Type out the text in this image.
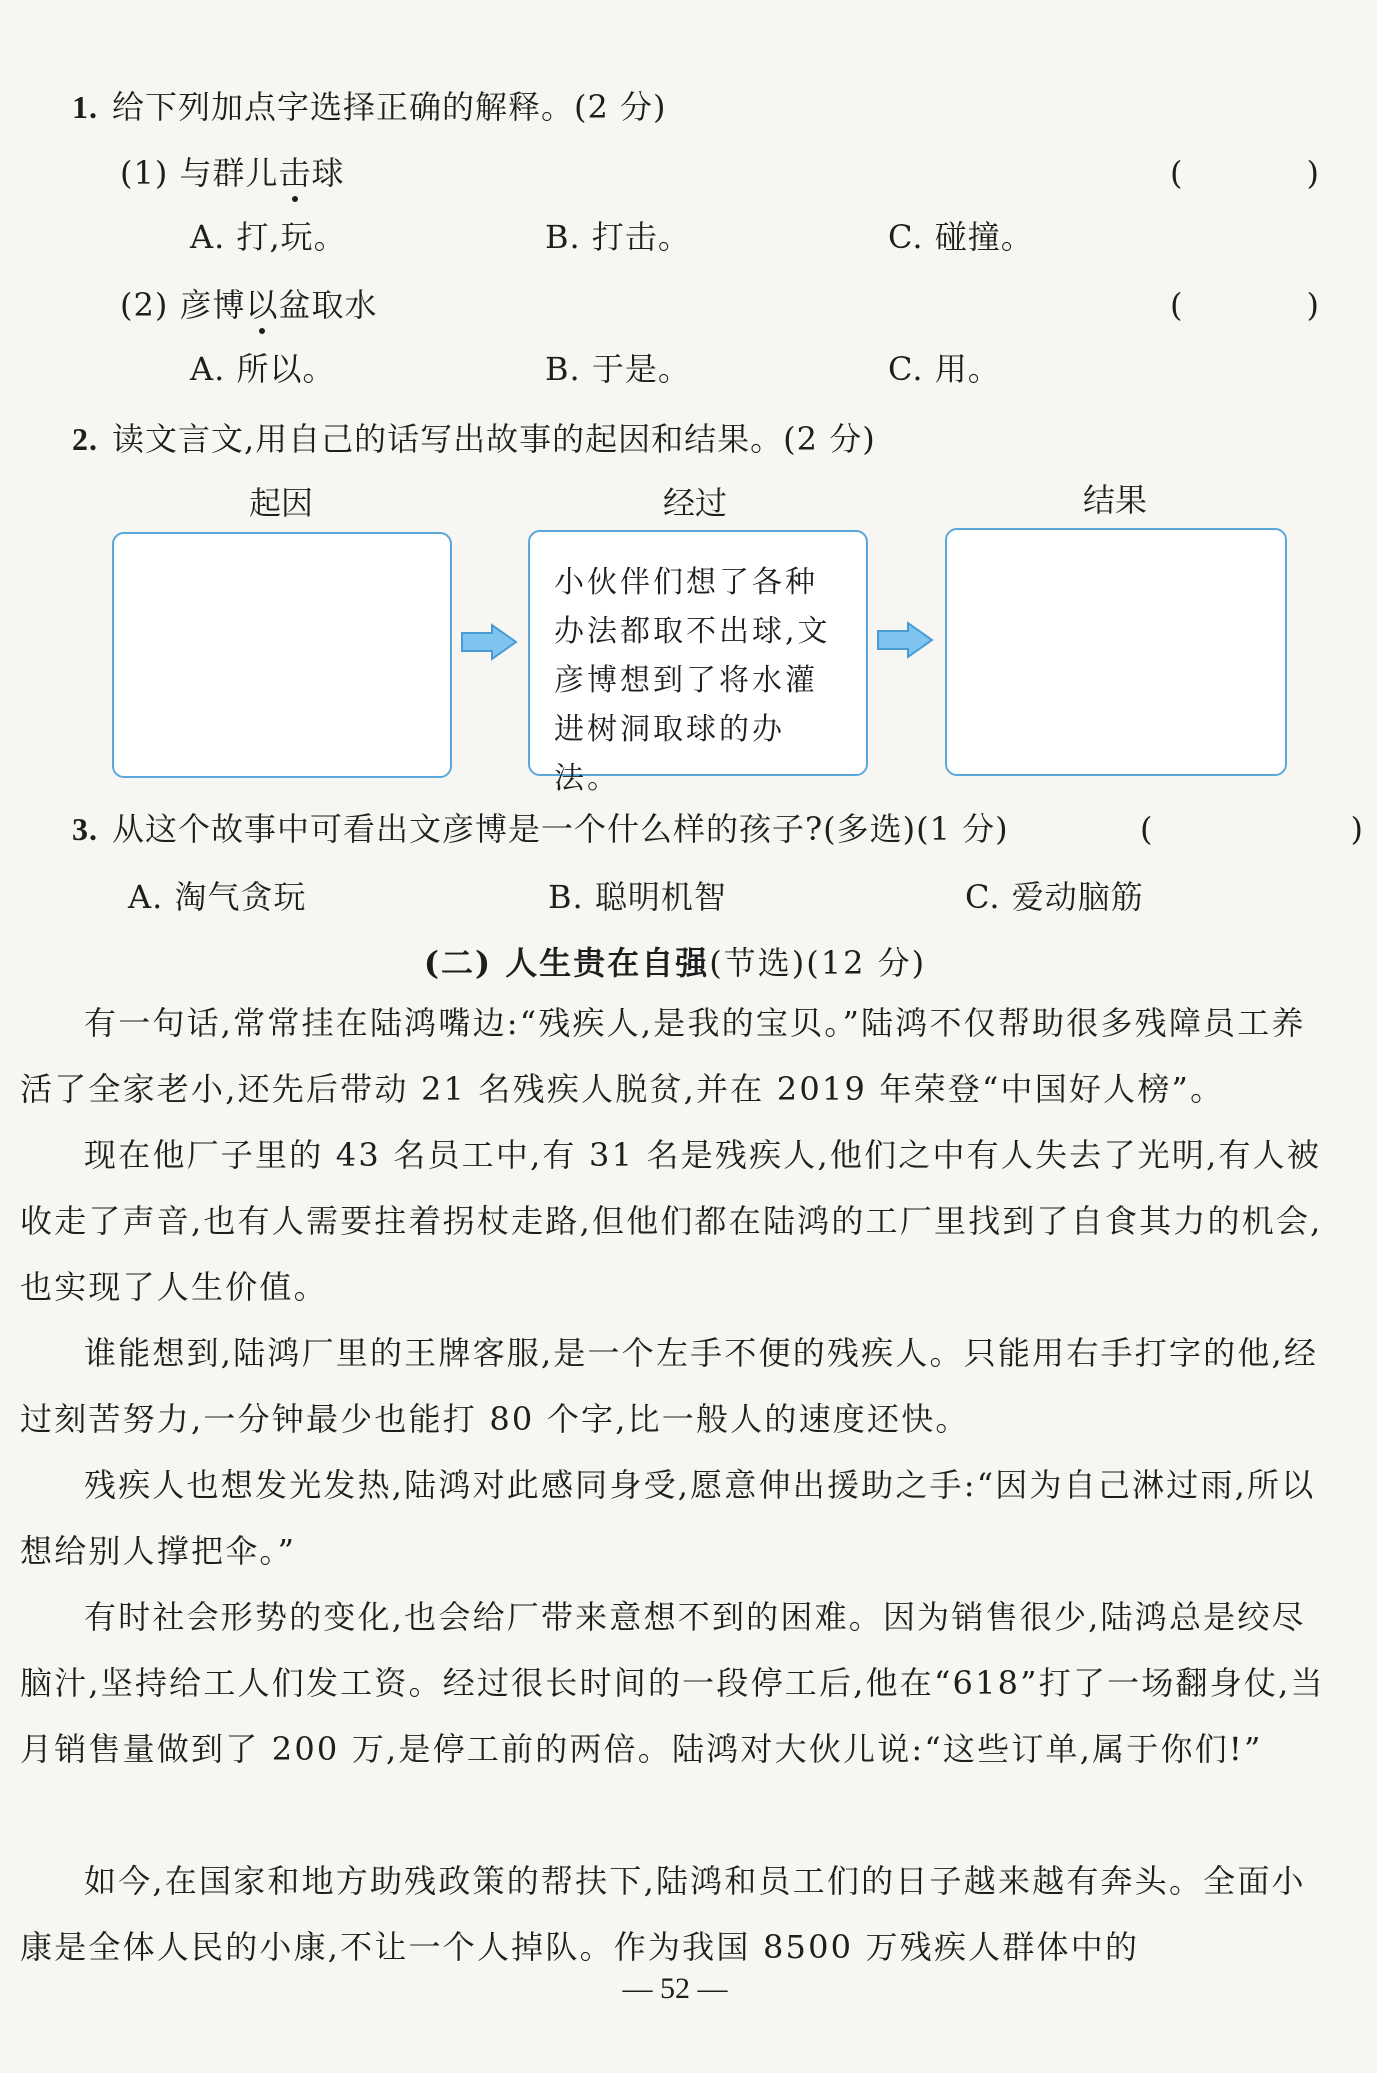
1. 给下列加点字选择正确的解释。(2 分)
(1) 与群儿击球	(　　)
A. 打,玩。	B. 打击。	C. 碰撞。
(2) 彦博以盆取水	(　　)
A. 所以。	B. 于是。	C. 用。
2. 读文言文,用自己的话写出故事的起因和结果。(2 分)
起因	经过	结果
小伙伴们想了各种办法都取不出球,文彦博想到了将水灌进树洞取球的办法。
3. 从这个故事中可看出文彦博是一个什么样的孩子?(多选)(1 分)	(　　　　)
A. 淘气贪玩	B. 聪明机智	C. 爱动脑筋
(二) 人生贵在自强(节选)(12 分)

有一句话,常常挂在陆鸿嘴边:“残疾人,是我的宝贝。”陆鸿不仅帮助很多残障员工养活了全家老小,还先后带动 21 名残疾人脱贫,并在 2019 年荣登“中国好人榜”。

现在他厂子里的 43 名员工中,有 31 名是残疾人,他们之中有人失去了光明,有人被收走了声音,也有人需要拄着拐杖走路,但他们都在陆鸿的工厂里找到了自食其力的机会,也实现了人生价值。

谁能想到,陆鸿厂里的王牌客服,是一个左手不便的残疾人。只能用右手打字的他,经过刻苦努力,一分钟最少也能打 80 个字,比一般人的速度还快。

残疾人也想发光发热,陆鸿对此感同身受,愿意伸出援助之手:“因为自己淋过雨,所以想给别人撑把伞。”

有时社会形势的变化,也会给厂带来意想不到的困难。因为销售很少,陆鸿总是绞尽脑汁,坚持给工人们发工资。经过很长时间的一段停工后,他在“618”打了一场翻身仗,当月销售量做到了 200 万,是停工前的两倍。陆鸿对大伙儿说:“这些订单,属于你们!”

如今,在国家和地方助残政策的帮扶下,陆鸿和员工们的日子越来越有奔头。全面小康是全体人民的小康,不让一个人掉队。作为我国 8500 万残疾人群体中的

— 52 —
